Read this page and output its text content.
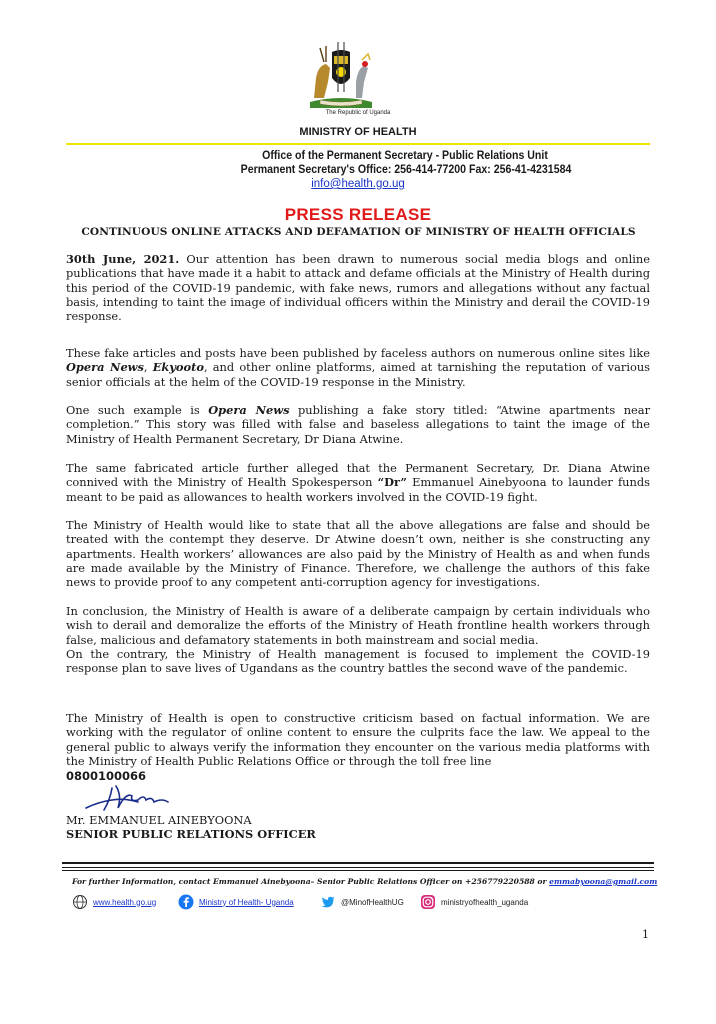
The Republic of Uganda
MINISTRY OF HEALTH
Office of the Permanent Secretary - Public Relations Unit
Permanent Secretary's Office: 256-414-77200 Fax: 256-41-4231584
info@health.go.ug
PRESS RELEASE
CONTINUOUS ONLINE ATTACKS AND DEFAMATION OF MINISTRY OF HEALTH OFFICIALS

30th June, 2021. Our attention has been drawn to numerous social media blogs and online publications that have made it a habit to attack and defame officials at the Ministry of Health during this period of the COVID-19 pandemic, with fake news, rumors and allegations without any factual basis, intending to taint the image of individual officers within the Ministry and derail the COVID-19 response.

These fake articles and posts have been published by faceless authors on numerous online sites like Opera News, Ekyooto, and other online platforms, aimed at tarnishing the reputation of various senior officials at the helm of the COVID-19 response in the Ministry.

One such example is Opera News publishing a fake story titled: “Atwine apartments near completion.” This story was filled with false and baseless allegations to taint the image of the Ministry of Health Permanent Secretary, Dr Diana Atwine.

The same fabricated article further alleged that the Permanent Secretary, Dr. Diana Atwine connived with the Ministry of Health Spokesperson “Dr” Emmanuel Ainebyoona to launder funds meant to be paid as allowances to health workers involved in the COVID-19 fight.

The Ministry of Health would like to state that all the above allegations are false and should be treated with the contempt they deserve. Dr Atwine doesn’t own, neither is she constructing any apartments. Health workers’ allowances are also paid by the Ministry of Health as and when funds are made available by the Ministry of Finance. Therefore, we challenge the authors of this fake news to provide proof to any competent anti-corruption agency for investigations.

In conclusion, the Ministry of Health is aware of a deliberate campaign by certain individuals who wish to derail and demoralize the efforts of the Ministry of Heath frontline health workers through false, malicious and defamatory statements in both mainstream and social media.

On the contrary, the Ministry of Health management is focused to implement the COVID-19 response plan to save lives of Ugandans as the country battles the second wave of the pandemic.

The Ministry of Health is open to constructive criticism based on factual information. We are working with the regulator of online content to ensure the culprits face the law. We appeal to the general public to always verify the information they encounter on the various media platforms with the Ministry of Health Public Relations Office or through the toll free line

0800100066
Mr. EMMANUEL AINEBYOONA
SENIOR PUBLIC RELATIONS OFFICER
For further Information, contact Emmanuel Ainebyoona– Senior Public Relations Officer on +256779220588 or emmabyoona@gmail.com
www.health.go.ug	Ministry of Health- Uganda	@MinofHealthUG	ministryofhealth_uganda
1
